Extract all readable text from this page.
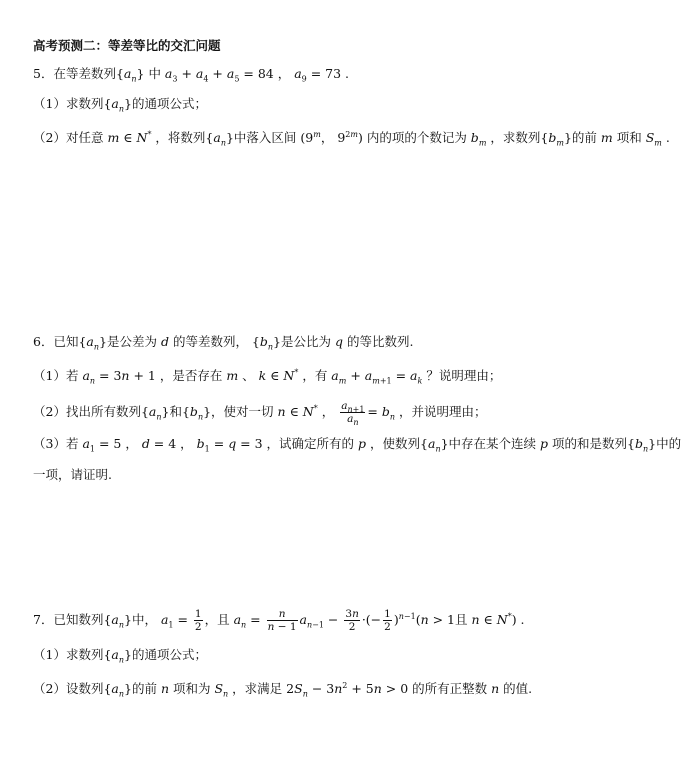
高考预测二：等差等比的交汇问题
5．在等差数列$\{a_n\}$ 中 $a_3 + a_4 + a_5 = 84$ ， $a_9 = 73$ .
（1）求数列$\{a_n\}$的通项公式；
（2）对任意 m ∈ N* ，将数列$\{a_n\}$中落入区间 (9$^m$， $9^{2m}$) 内的项的个数记为 $b_m$ ，求数列$\{b_m\}$的前 m 项和 $S_m$ .
6．已知$\{a_n\}$是公差为 d 的等差数列， $\{b_n\}$是公比为 q 的等比数列.
（1）若 $a_n = 3n + 1$ ，是否存在 m 、 k ∈ N* ，有 $a_m + a_{m+1} = a_k$ ？说明理由；
（2）找出所有数列$\{a_n\}$和$\{b_n\}$，使对一切 n ∈ N* ， $\frac{a_{n+1}}{a_n} = b_n$ ，并说明理由；
（3）若 $a_1 = 5$ ， d = 4 ， $b_1 = q = 3$ ，试确定所有的 p ，使数列$\{a_n\}$中存在某个连续 p 项的和是数列$\{b_n\}$中的
一项，请证明.
7．已知数列$\{a_n\}$中， $a_1 = \frac{1}{2}$ ，且 $a_n = \frac{n}{n - 1} a_{n-1} - \frac{3n}{2}$ ·(− $\frac{1}{2} )^{n-1}(n > 1$且 n ∈ N*) .
（1）求数列$\{a_n\}$的通项公式；
（2）设数列$\{a_n\}$的前 n 项和为 $S_n$ ，求满足 $2S_n - 3n^2 + 5n > 0$ 的所有正整数 n 的值.
